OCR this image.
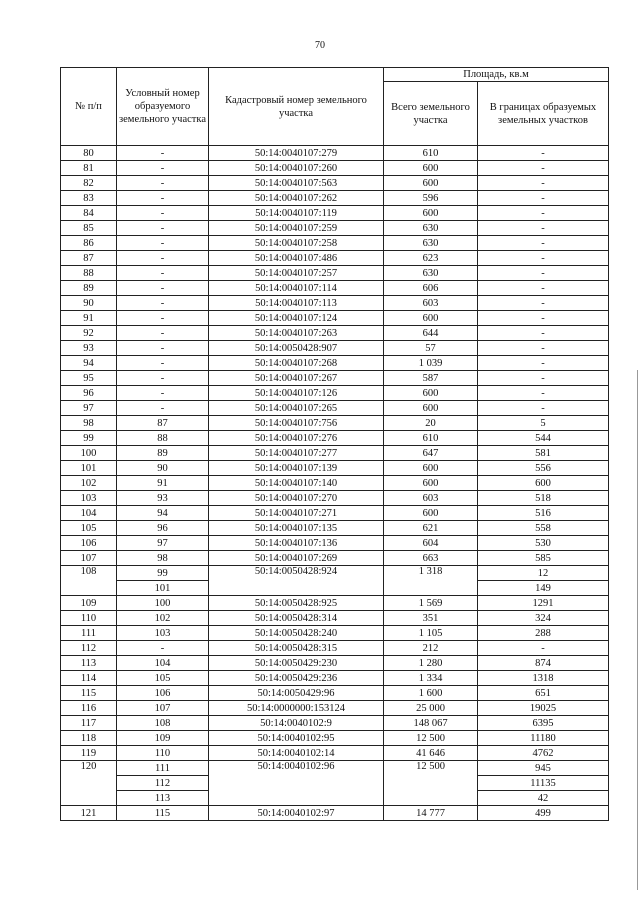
70
№ п/п	Условный номер образуемого земельного участка	Кадастровый номер земельного участка	Площадь, кв.м	
			Всего земельного участка	В границах образуемых земельных участков
80	-	50:14:0040107:279	610	-
81	-	50:14:0040107:260	600	-
82	-	50:14:0040107:563	600	-
83	-	50:14:0040107:262	596	-
84	-	50:14:0040107:119	600	-
85	-	50:14:0040107:259	630	-
86	-	50:14:0040107:258	630	-
87	-	50:14:0040107:486	623	-
88	-	50:14:0040107:257	630	-
89	-	50:14:0040107:114	606	-
90	-	50:14:0040107:113	603	-
91	-	50:14:0040107:124	600	-
92	-	50:14:0040107:263	644	-
93	-	50:14:0050428:907	57	-
94	-	50:14:0040107:268	1 039	-
95	-	50:14:0040107:267	587	-
96	-	50:14:0040107:126	600	-
97	-	50:14:0040107:265	600	-
98	87	50:14:0040107:756	20	5
99	88	50:14:0040107:276	610	544
100	89	50:14:0040107:277	647	581
101	90	50:14:0040107:139	600	556
102	91	50:14:0040107:140	600	600
103	93	50:14:0040107:270	603	518
104	94	50:14:0040107:271	600	516
105	96	50:14:0040107:135	621	558
106	97	50:14:0040107:136	604	530
107	98	50:14:0040107:269	663	585
108	99	50:14:0050428:924	1 318	12
	101			149
109	100	50:14:0050428:925	1 569	1291
110	102	50:14:0050428:314	351	324
111	103	50:14:0050428:240	1 105	288
112	-	50:14:0050428:315	212	-
113	104	50:14:0050429:230	1 280	874
114	105	50:14:0050429:236	1 334	1318
115	106	50:14:0050429:96	1 600	651
116	107	50:14:0000000:153124	25 000	19025
117	108	50:14:0040102:9	148 067	6395
118	109	50:14:0040102:95	12 500	11180
119	110	50:14:0040102:14	41 646	4762
120	111	50:14:0040102:96	12 500	945
	112			11135
	113			42
121	115	50:14:0040102:97	14 777	499
